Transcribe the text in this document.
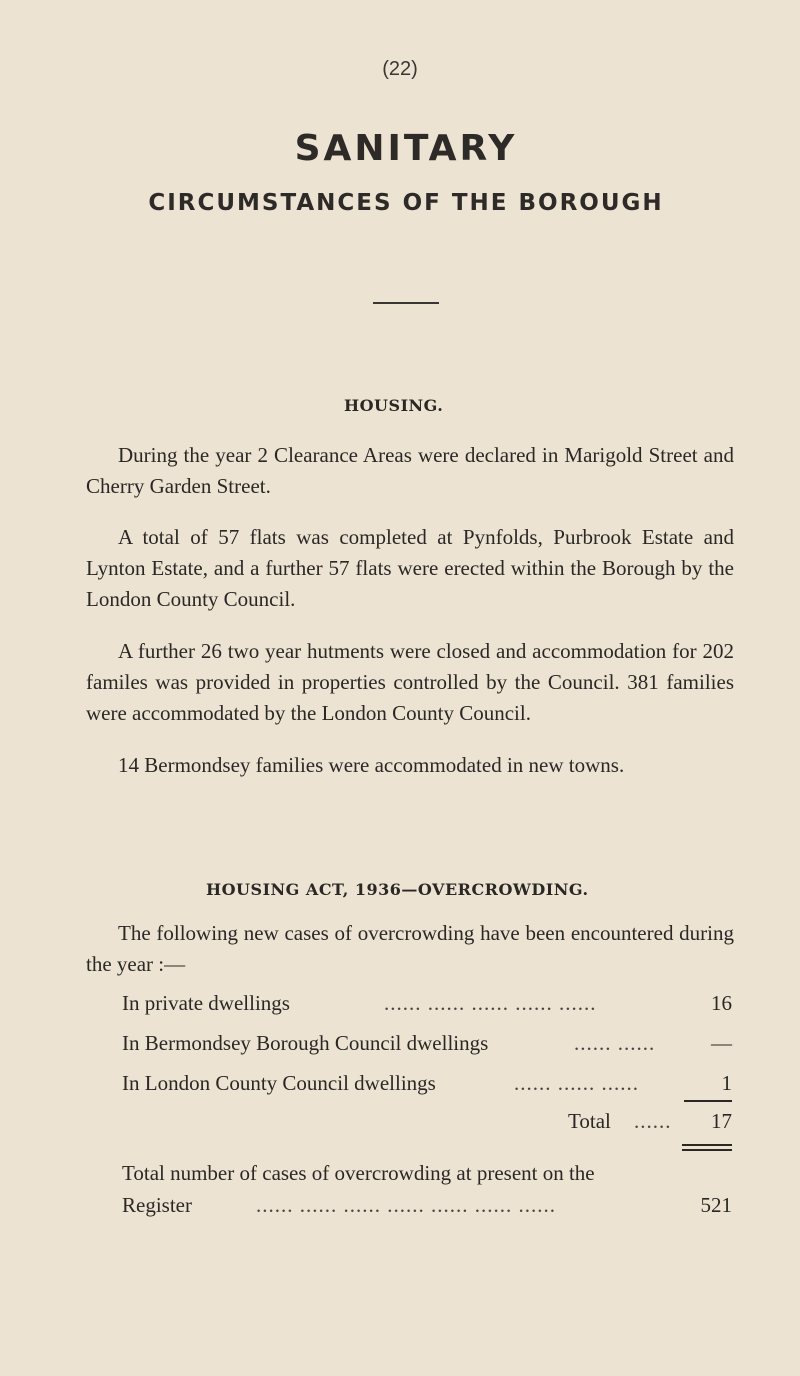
(22)
SANITARY
CIRCUMSTANCES OF THE BOROUGH
HOUSING.
During the year 2 Clearance Areas were declared in Marigold Street and Cherry Garden Street.
A total of 57 flats was completed at Pynfolds, Purbrook Estate and Lynton Estate, and a further 57 flats were erected within the Borough by the London County Council.
A further 26 two year hutments were closed and accommodation for 202 familes was provided in properties controlled by the Council. 381 families were accommodated by the London County Council.
14 Bermondsey families were accommodated in new towns.
HOUSING ACT, 1936—OVERCROWDING.
The following new cases of overcrowding have been encountered during the year :—
In private dwellings	...... ...... ...... ...... ......	16
In Bermondsey Borough Council dwellings	...... ......	—
In London County Council dwellings	...... ...... ......	1
Total ...... 17
Total number of cases of overcrowding at present on the
Register	...... ...... ...... ...... ...... ...... ......	521
